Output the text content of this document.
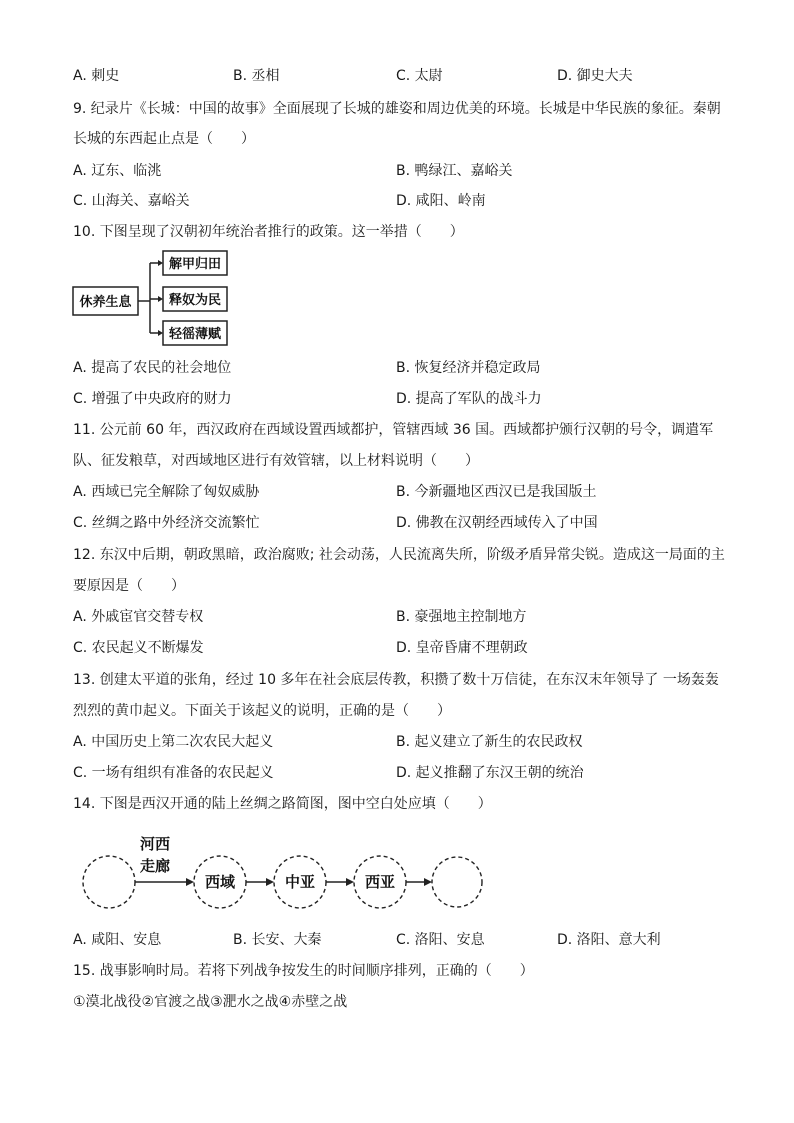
A. 刺史	B. 丞相	C. 太尉	D. 御史大夫
9. 纪录片《长城：中国的故事》全面展现了长城的雄姿和周边优美的环境。长城是中华民族的象征。秦朝
长城的东西起止点是（　　）
A. 辽东、临洮	B. 鸭绿江、嘉峪关
C. 山海关、嘉峪关	D. 咸阳、岭南
10. 下图呈现了汉朝初年统治者推行的政策。这一举措（　　）
休养生息
解甲归田
释奴为民
轻徭薄赋
A. 提高了农民的社会地位	B. 恢复经济并稳定政局
C. 增强了中央政府的财力	D. 提高了军队的战斗力
11. 公元前 60 年，西汉政府在西域设置西域都护，管辖西域 36 国。西域都护颁行汉朝的号令，调遣军
队、征发粮草，对西域地区进行有效管辖，以上材料说明（　　）
A. 西域已完全解除了匈奴威胁	B. 今新疆地区西汉已是我国版土
C. 丝绸之路中外经济交流繁忙	D. 佛教在汉朝经西域传入了中国
12. 东汉中后期，朝政黑暗，政治腐败; 社会动荡，人民流离失所，阶级矛盾异常尖锐。造成这一局面的主
要原因是（　　）
A. 外戚宦官交替专权	B. 豪强地主控制地方
C. 农民起义不断爆发	D. 皇帝昏庸不理朝政
13. 创建太平道的张角，经过 10 多年在社会底层传教，积攒了数十万信徒，在东汉末年领导了 一场轰轰
烈烈的黄巾起义。下面关于该起义的说明，正确的是（　　）
A. 中国历史上第二次农民大起义	B. 起义建立了新生的农民政权
C. 一场有组织有准备的农民起义	D. 起义推翻了东汉王朝的统治
14. 下图是西汉开通的陆上丝绸之路简图，图中空白处应填（　　）
河西
走廊
西域	中亚	西亚
A. 咸阳、安息	B. 长安、大秦	C. 洛阳、安息	D. 洛阳、意大利
15. 战事影响时局。若将下列战争按发生的时间顺序排列，正确的（　　）
①漠北战役②官渡之战③淝水之战④赤壁之战
